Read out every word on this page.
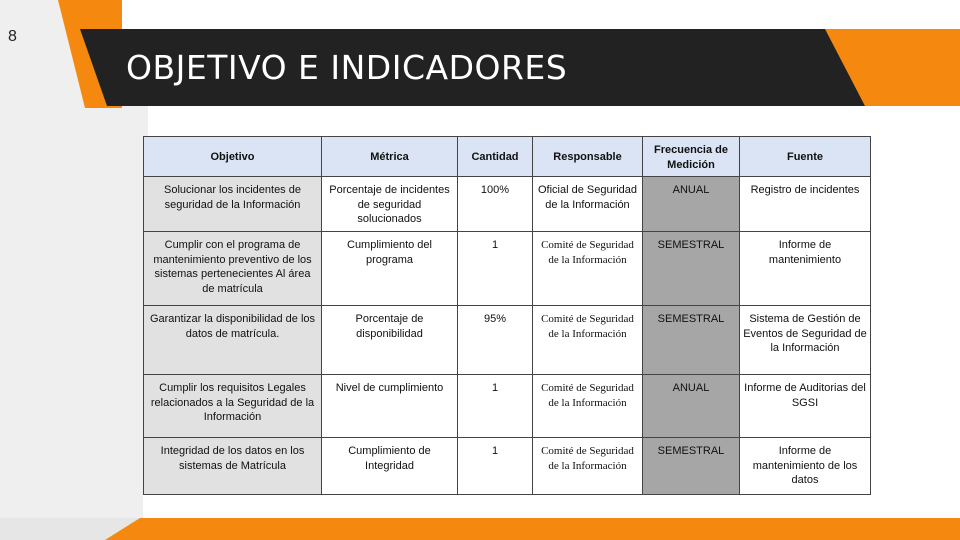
8
OBJETIVO E INDICADORES
Objetivo	Métrica	Cantidad	Responsable	Frecuencia de Medición	Fuente
Solucionar los incidentes de seguridad de la Información	Porcentaje de incidentes de seguridad solucionados	100%	Oficial de Seguridad de la Información	ANUAL	Registro de incidentes
Cumplir con el programa de mantenimiento preventivo de los sistemas pertenecientes Al área de matrícula	Cumplimiento del programa	1	Comité de Seguridad de la Información	SEMESTRAL	Informe de mantenimiento
Garantizar la disponibilidad de los datos de matrícula.	Porcentaje de disponibilidad	95%	Comité de Seguridad de la Información	SEMESTRAL	Sistema de Gestión de Eventos de Seguridad de la Información
Cumplir los requisitos Legales relacionados a la Seguridad de la Información	Nivel de cumplimiento	1	Comité de Seguridad de la Información	ANUAL	Informe de Auditorias del SGSI
Integridad de los datos en los sistemas de Matrícula	Cumplimiento de Integridad	1	Comité de Seguridad de la Información	SEMESTRAL	Informe de mantenimiento de los datos
